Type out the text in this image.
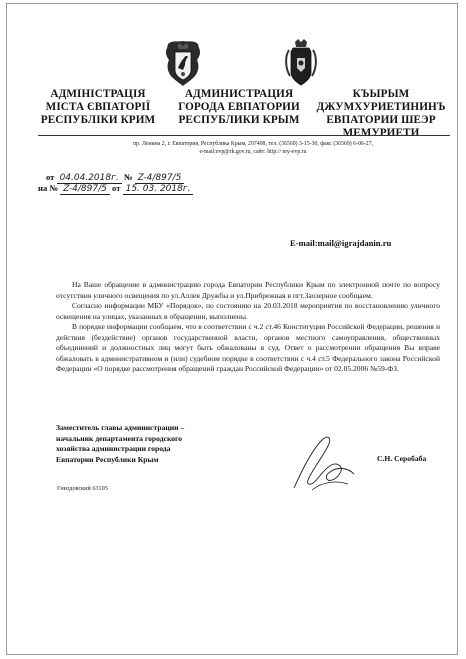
АДМІНІСТРАЦІЯ
МІСТА ЄВПАТОРІЇ
РЕСПУБЛІКИ КРИМ
АДМИНИСТРАЦИЯ
ГОРОДА ЕВПАТОРИИ
РЕСПУБЛИКИ КРЫМ
КЪЫРЫМ
ДЖУМХУРИЕТИНИНЪ
ЕВПАТОРИИ ШЕЭР
МЕМУРИЕТИ
пр. Ленина 2, г. Евпатория, Республика Крым, 297408, тел. (36569) 3-15-30, факс (36569) 6-06-27,
e-mail:evp@rk.gov.ru, сайт: http:// my-evp.ru
от 04.04.2018г. № Z-4/897/5
на № Z-4/897/5 от 15. 03. 2018г.
E-mail:mail@igrajdanin.ru

На Ваше обращение в администрацию города Евпатории Республики Крым по электронной почте по вопросу отсутствия уличного освещения по ул.Аллея Дружбы и ул.Прибрежная в пгт.Заозерное сообщаем.

Согласно информации МБУ «Порядок», по состоянию на 20.03.2018 мероприятия по восстановлению уличного освещения на улицах, указанных в обращении, выполнены.

В порядке информации сообщаем, что в соответствии с ч.2 ст.46 Конституции Российской Федерации, решения и действия (бездействие) органов государственной власти, органов местного самоуправления, общественных объединений и должностных лиц могут быть обжалованы в суд. Ответ о рассмотрении обращения Вы вправе обжаловать в административном и (или) судебном порядке в соответствии с ч.4 ст.5 Федерального закона Российской Федерации «О порядке рассмотрения обращений граждан Российской Федерации» от 02.05.2006 №59-ФЗ.

Заместитель главы администрации –
начальник департамента городского
хозяйства администрации города
Евпатории Республики Крым	С.Н. Серобаба
Гниздовский 63105
